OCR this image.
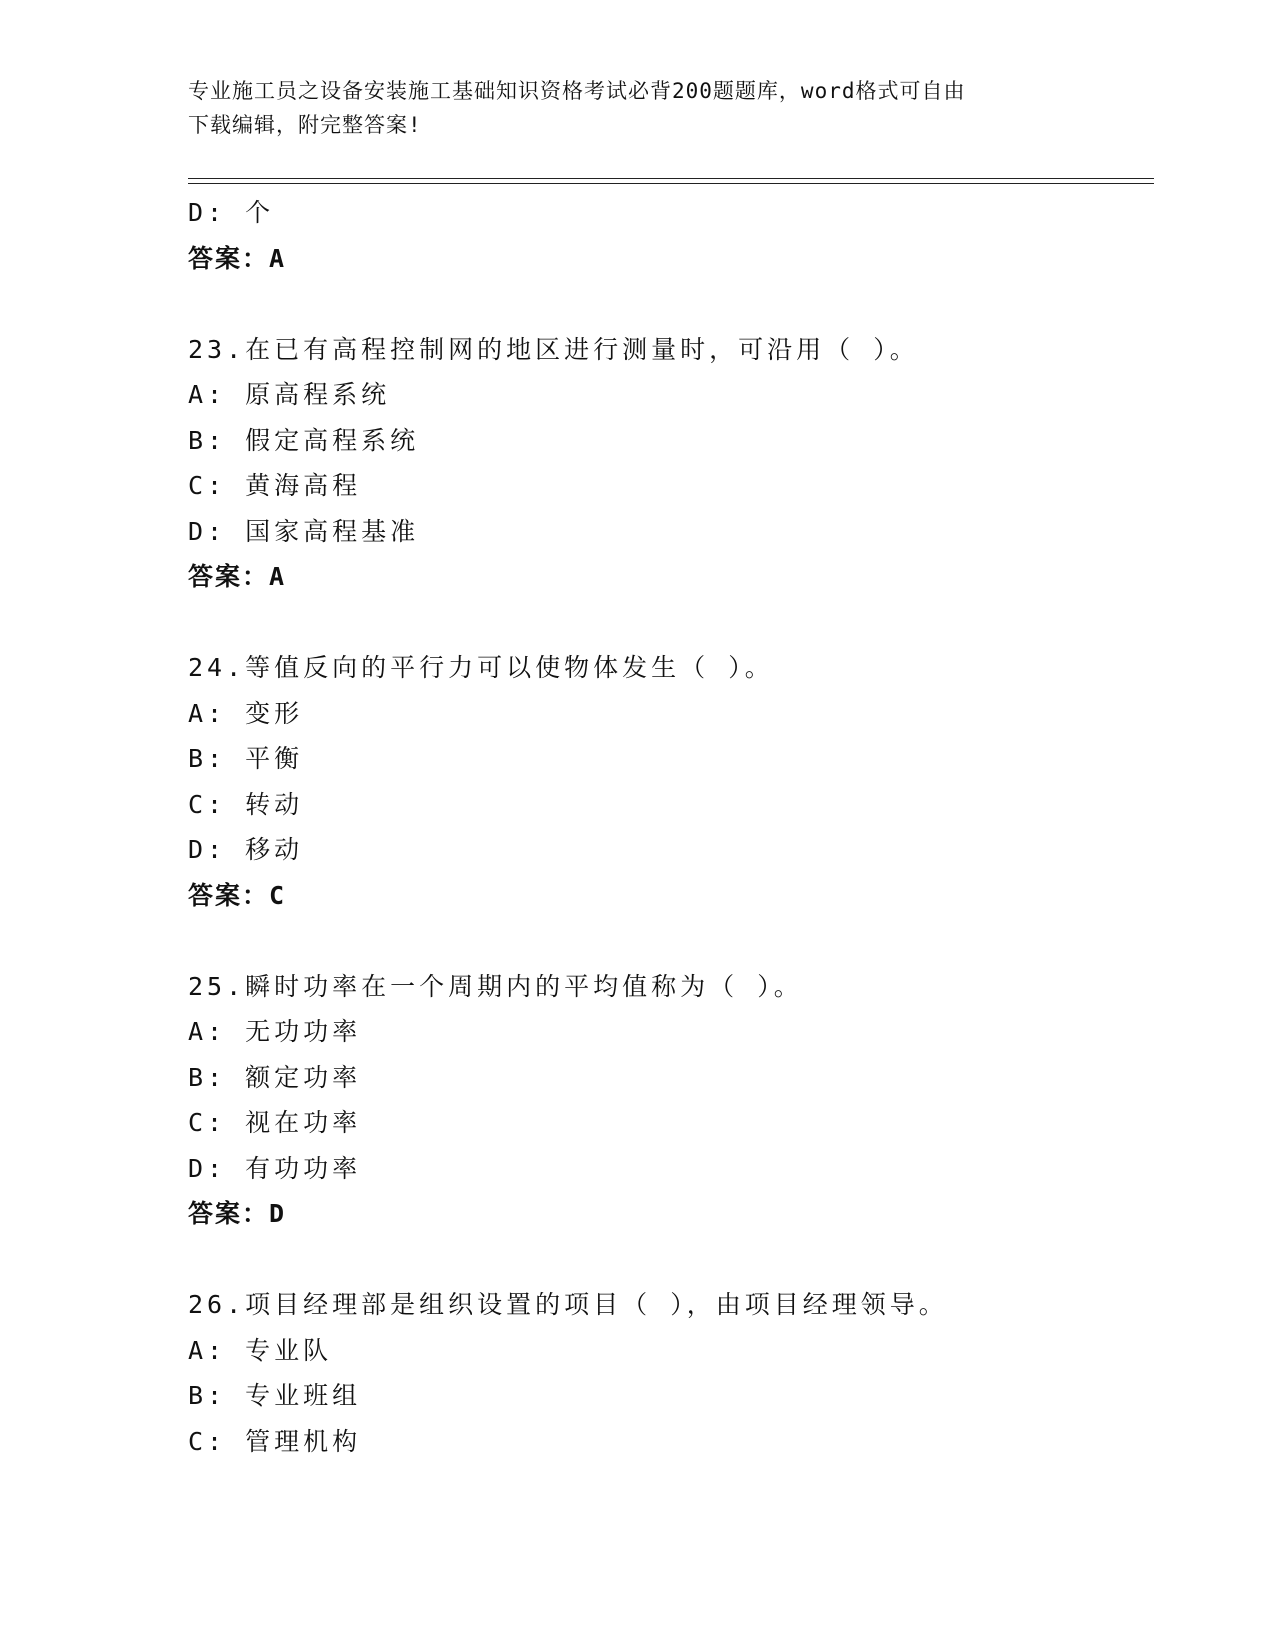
专业施工员之设备安装施工基础知识资格考试必背200题题库，word格式可自由
下载编辑，附完整答案!
D: 个
答案：A
23.在已有高程控制网的地区进行测量时，可沿用（ ）。
A: 原高程系统
B: 假定高程系统
C: 黄海高程
D: 国家高程基准
答案：A
24.等值反向的平行力可以使物体发生（ ）。
A: 变形
B: 平衡
C: 转动
D: 移动
答案：C
25.瞬时功率在一个周期内的平均值称为（ ）。
A: 无功功率
B: 额定功率
C: 视在功率
D: 有功功率
答案：D
26.项目经理部是组织设置的项目（ ），由项目经理领导。
A: 专业队
B: 专业班组
C: 管理机构
